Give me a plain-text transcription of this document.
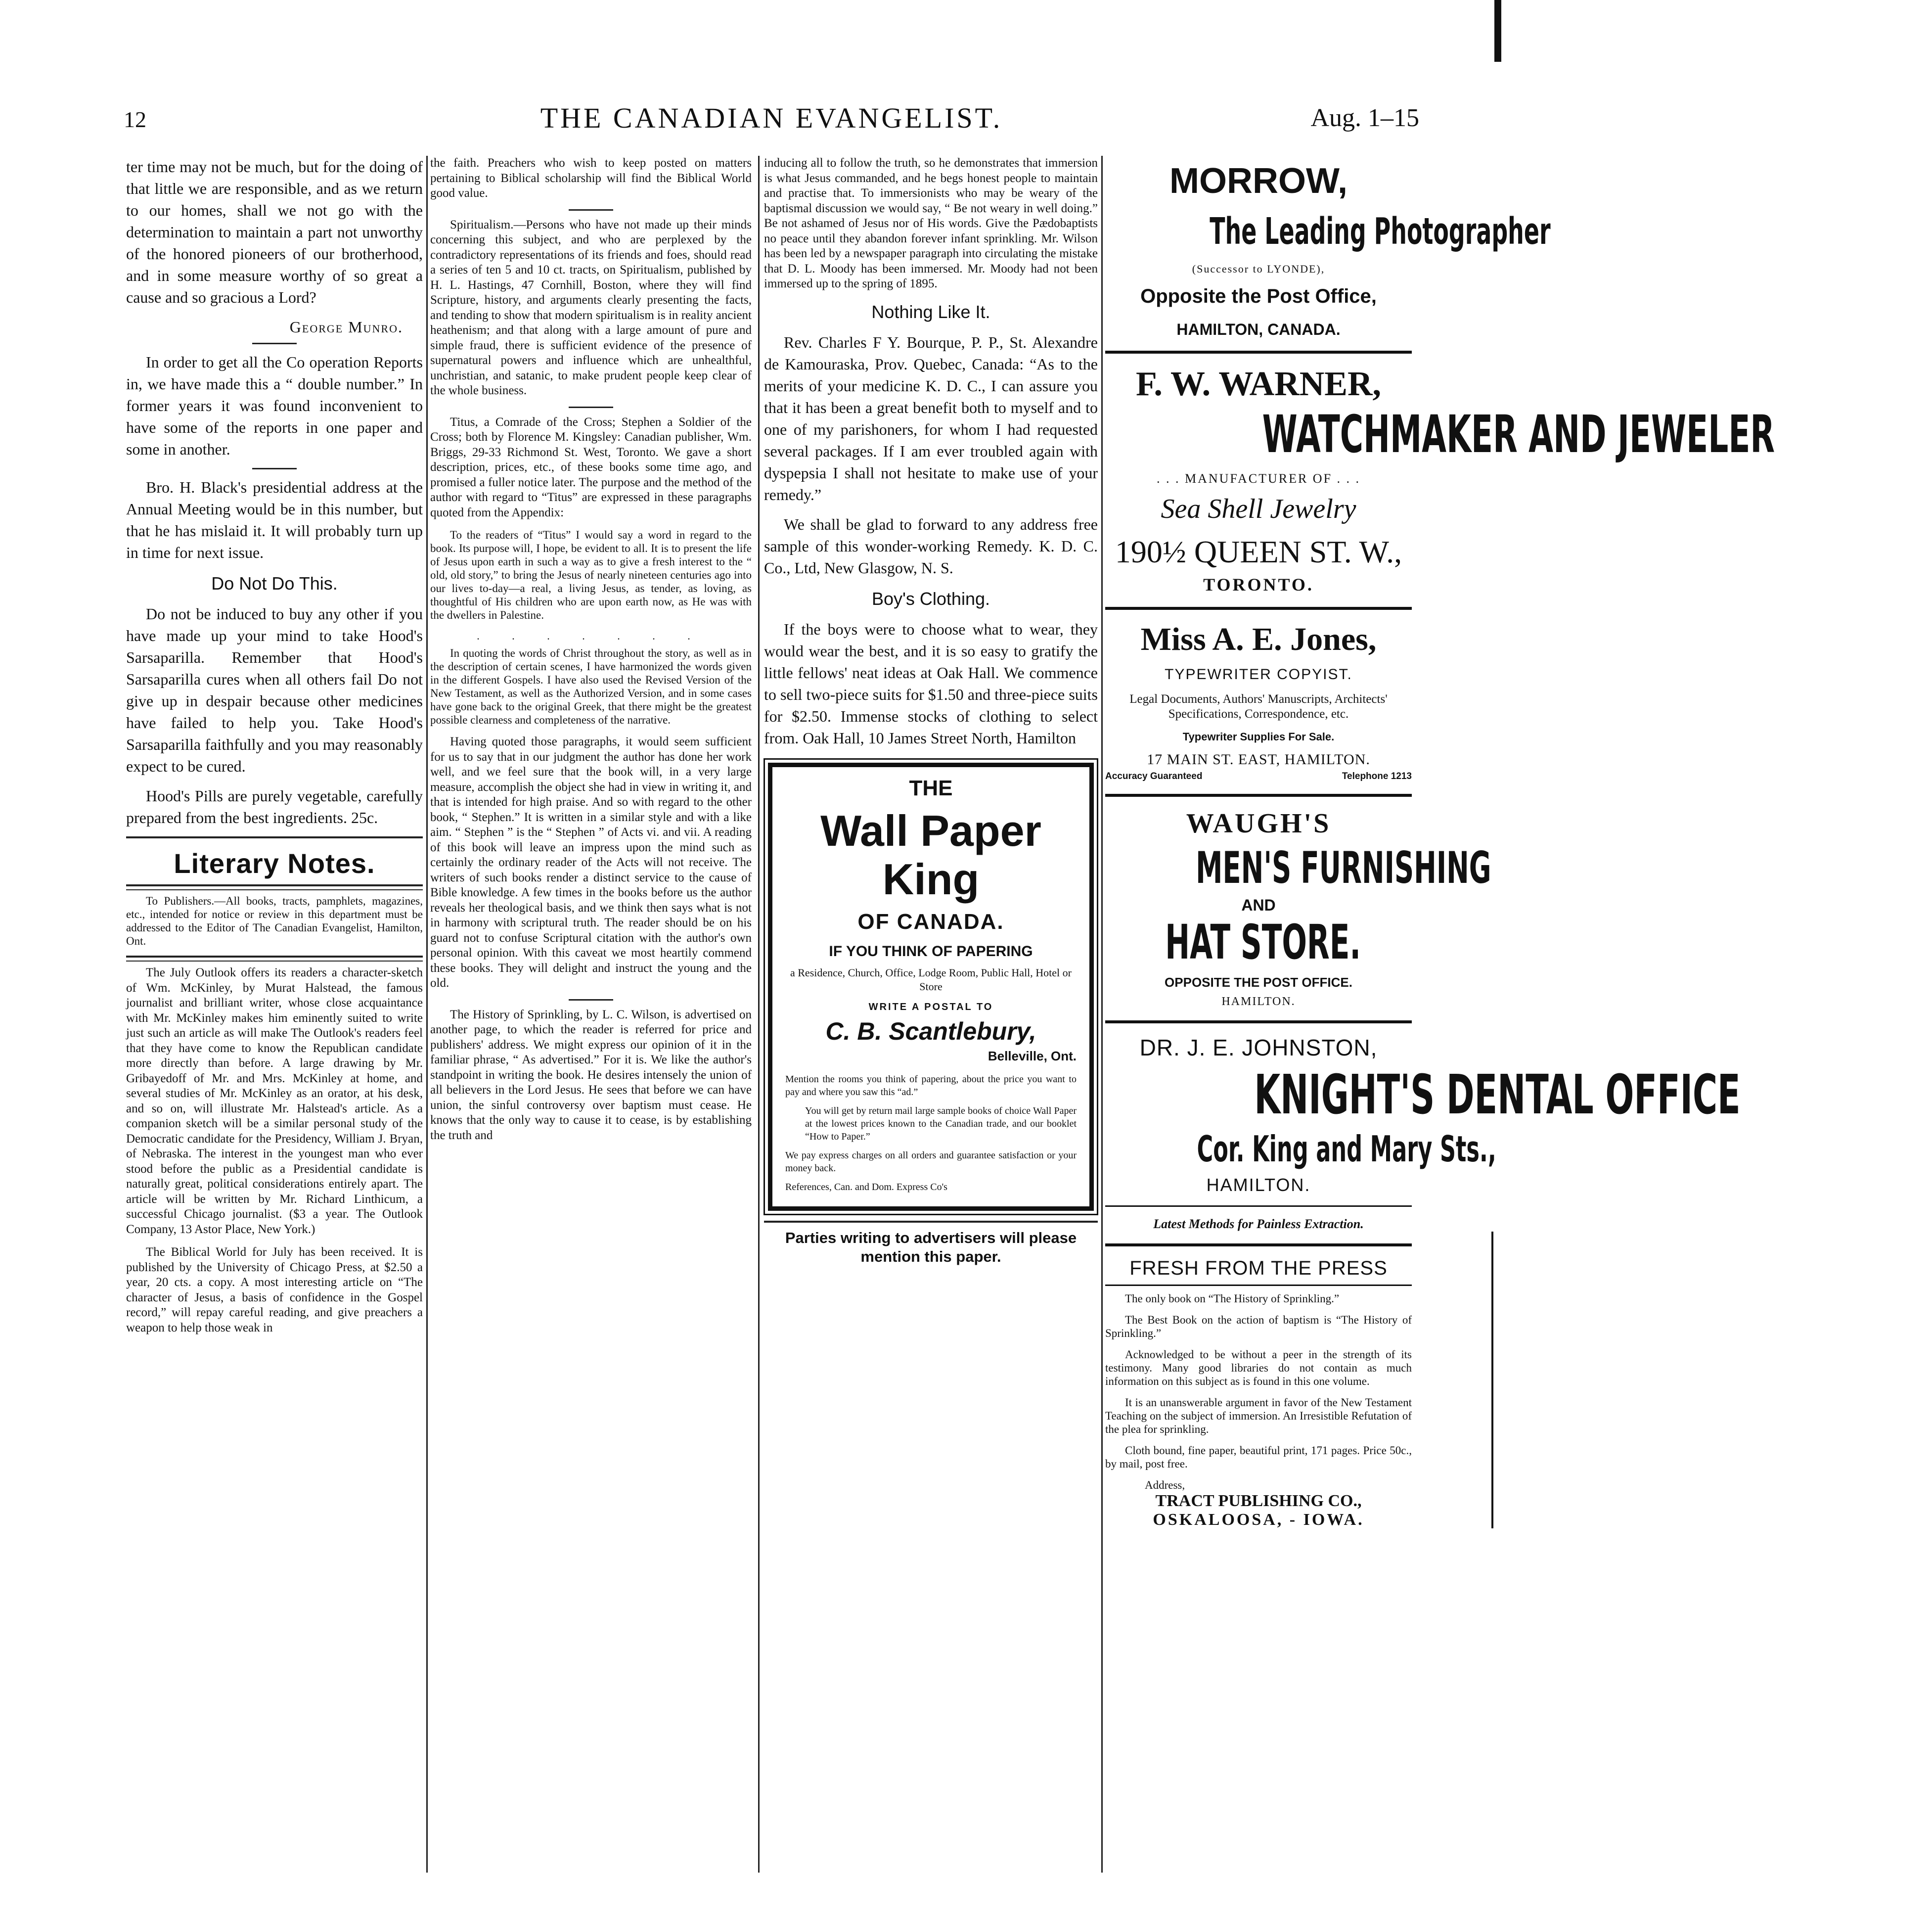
12	THE CANADIAN EVANGELIST.	Aug. 1–15

ter time may not be much, but for the doing of that little we are responsible, and as we return to our homes, shall we not go with the determination to maintain a part not unworthy of the honored pioneers of our brotherhood, and in some measure worthy of so great a cause and so gracious a Lord?

George Munro.

In order to get all the Co operation Reports in, we have made this a “ double number.” In former years it was found inconvenient to have some of the reports in one paper and some in another.

Bro. H. Black's presidential address at the Annual Meeting would be in this number, but that he has mislaid it. It will probably turn up in time for next issue.

Do Not Do This.

Do not be induced to buy any other if you have made up your mind to take Hood's Sarsaparilla. Remember that Hood's Sarsaparilla cures when all others fail Do not give up in despair because other medicines have failed to help you. Take Hood's Sarsaparilla faithfully and you may reasonably expect to be cured.

Hood's Pills are purely vegetable, carefully prepared from the best ingredients. 25c.

Literary Notes.

To Publishers.—All books, tracts, pamphlets, magazines, etc., intended for notice or review in this department must be addressed to the Editor of The Canadian Evangelist, Hamilton, Ont.

The July Outlook offers its readers a character-sketch of Wm. McKinley, by Murat Halstead, the famous journalist and brilliant writer, whose close acquaintance with Mr. McKinley makes him eminently suited to write just such an article as will make The Outlook's readers feel that they have come to know the Republican candidate more directly than before. A large drawing by Mr. Gribayedoff of Mr. and Mrs. McKinley at home, and several studies of Mr. McKinley as an orator, at his desk, and so on, will illustrate Mr. Halstead's article. As a companion sketch will be a similar personal study of the Democratic candidate for the Presidency, William J. Bryan, of Nebraska. The interest in the youngest man who ever stood before the public as a Presidential candidate is naturally great, political considerations entirely apart. The article will be written by Mr. Richard Linthicum, a successful Chicago journalist. ($3 a year. The Outlook Company, 13 Astor Place, New York.)

The Biblical World for July has been received. It is published by the University of Chicago Press, at $2.50 a year, 20 cts. a copy. A most interesting article on “The character of Jesus, a basis of confidence in the Gospel record,” will repay careful reading, and give preachers a weapon to help those weak in

the faith. Preachers who wish to keep posted on matters pertaining to Biblical scholarship will find the Biblical World good value.

Spiritualism.—Persons who have not made up their minds concerning this subject, and who are perplexed by the contradictory representations of its friends and foes, should read a series of ten 5 and 10 ct. tracts, on Spiritualism, published by H. L. Hastings, 47 Cornhill, Boston, where they will find Scripture, history, and arguments clearly presenting the facts, and tending to show that modern spiritualism is in reality ancient heathenism; and that along with a large amount of pure and simple fraud, there is sufficient evidence of the presence of supernatural powers and influence which are unhealthful, unchristian, and satanic, to make prudent people keep clear of the whole business.

Titus, a Comrade of the Cross; Stephen a Soldier of the Cross; both by Florence M. Kingsley: Canadian publisher, Wm. Briggs, 29-33 Richmond St. West, Toronto. We gave a short description, prices, etc., of these books some time ago, and promised a fuller notice later. The purpose and the method of the author with regard to “Titus” are expressed in these paragraphs quoted from the Appendix:

To the readers of “Titus” I would say a word in regard to the book. Its purpose will, I hope, be evident to all. It is to present the life of Jesus upon earth in such a way as to give a fresh interest to the “ old, old story,” to bring the Jesus of nearly nineteen centuries ago into our lives to-day—a real, a living Jesus, as tender, as loving, as thoughtful of His children who are upon earth now, as He was with the dwellers in Palestine.

. . . . . . .

In quoting the words of Christ throughout the story, as well as in the description of certain scenes, I have harmonized the words given in the different Gospels. I have also used the Revised Version of the New Testament, as well as the Authorized Version, and in some cases have gone back to the original Greek, that there might be the greatest possible clearness and completeness of the narrative.

Having quoted those paragraphs, it would seem sufficient for us to say that in our judgment the author has done her work well, and we feel sure that the book will, in a very large measure, accomplish the object she had in view in writing it, and that is intended for high praise. And so with regard to the other book, “ Stephen.” It is written in a similar style and with a like aim. “ Stephen ” is the “ Stephen ” of Acts vi. and vii. A reading of this book will leave an impress upon the mind such as certainly the ordinary reader of the Acts will not receive. The writers of such books render a distinct service to the cause of Bible knowledge. A few times in the books before us the author reveals her theological basis, and we think then says what is not in harmony with scriptural truth. The reader should be on his guard not to confuse Scriptural citation with the author's own personal opinion. With this caveat we most heartily commend these books. They will delight and instruct the young and the old.

The History of Sprinkling, by L. C. Wilson, is advertised on another page, to which the reader is referred for price and publishers' address. We might express our opinion of it in the familiar phrase, “ As advertised.” For it is. We like the author's standpoint in writing the book. He desires intensely the union of all believers in the Lord Jesus. He sees that before we can have union, the sinful controversy over baptism must cease. He knows that the only way to cause it to cease, is by establishing the truth and

inducing all to follow the truth, so he demonstrates that immersion is what Jesus commanded, and he begs honest people to maintain and practise that. To immersionists who may be weary of the baptismal discussion we would say, “ Be not weary in well doing.” Be not ashamed of Jesus nor of His words. Give the Pædobaptists no peace until they abandon forever infant sprinkling. Mr. Wilson has been led by a newspaper paragraph into circulating the mistake that D. L. Moody has been immersed. Mr. Moody had not been immersed up to the spring of 1895.

Nothing Like It.

Rev. Charles F Y. Bourque, P. P., St. Alexandre de Kamouraska, Prov. Quebec, Canada: “As to the merits of your medicine K. D. C., I can assure you that it has been a great benefit both to myself and to one of my parishoners, for whom I had requested several packages. If I am ever troubled again with dyspepsia I shall not hesitate to make use of your remedy.”

We shall be glad to forward to any address free sample of this wonder-working Remedy. K. D. C. Co., Ltd, New Glasgow, N. S.

Boy's Clothing.

If the boys were to choose what to wear, they would wear the best, and it is so easy to gratify the little fellows' neat ideas at Oak Hall. We commence to sell two-piece suits for $1.50 and three-piece suits for $2.50. Immense stocks of clothing to select from. Oak Hall, 10 James Street North, Hamilton

THE
Wall Paper King
OF CANADA.
IF YOU THINK OF PAPERING
a Residence, Church, Office, Lodge Room, Public Hall, Hotel or Store
WRITE A POSTAL TO
C. B. Scantlebury,
Belleville, Ont.

Mention the rooms you think of papering, about the price you want to pay and where you saw this “ad.”

You will get by return mail large sample books of choice Wall Paper at the lowest prices known to the Canadian trade, and our booklet “How to Paper.”

We pay express charges on all orders and guarantee satisfaction or your money back.

References, Can. and Dom. Express Co's

Parties writing to advertisers will please mention this paper.
MORROW,
The Leading Photographer
(Successor to LYONDE),
Opposite the Post Office,
HAMILTON, CANADA.
F. W. WARNER,
WATCHMAKER AND JEWELER
. . . MANUFACTURER OF . . .
Sea Shell Jewelry
190½ QUEEN ST. W.,
TORONTO.
Miss A. E. Jones,
TYPEWRITER COPYIST.
Legal Documents, Authors' Manuscripts, Architects' Specifications, Correspondence, etc.
Typewriter Supplies For Sale.
17 MAIN ST. EAST, HAMILTON.
Accuracy Guaranteed	Telephone 1213
WAUGH'S
MEN'S FURNISHING
AND
HAT STORE.
OPPOSITE THE POST OFFICE.
HAMILTON.
DR. J. E. JOHNSTON,
KNIGHT'S DENTAL OFFICE
Cor. King and Mary Sts.,
HAMILTON.
Latest Methods for Painless Extraction.
FRESH FROM THE PRESS

The only book on “The History of Sprinkling.”

The Best Book on the action of baptism is “The History of Sprinkling.”

Acknowledged to be without a peer in the strength of its testimony. Many good libraries do not contain as much information on this subject as is found in this one volume.

It is an unanswerable argument in favor of the New Testament Teaching on the subject of immersion. An Irresistible Refutation of the plea for sprinkling.

Cloth bound, fine paper, beautiful print, 171 pages. Price 50c., by mail, post free.

Address,
TRACT PUBLISHING CO.,
OSKALOOSA, - IOWA.
